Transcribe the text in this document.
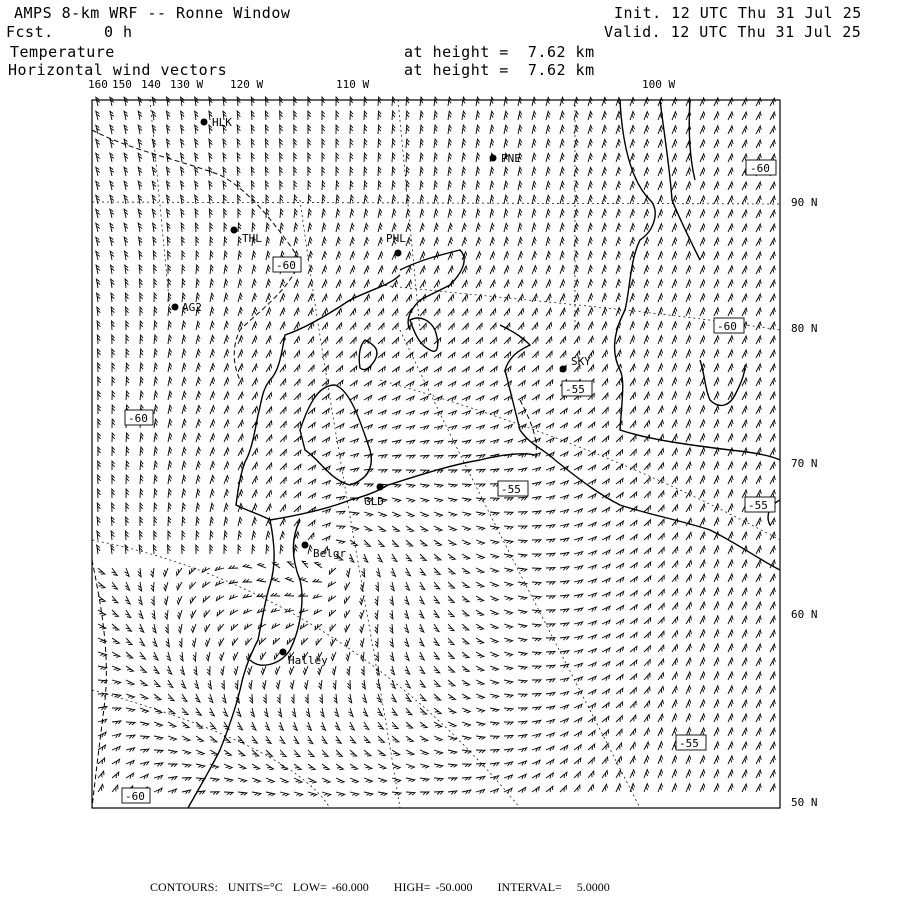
AMPS 8-km WRF -- Ronne Window
Fcst.	0 h
Init. 12 UTC Thu 31 Jul 25
Valid. 12 UTC Thu 31 Jul 25
Temperature
Horizontal wind vectors
at height =  7.62 km
at height =  7.62 km
160 150 140 130 W 120 W	110 W	100 W
90 N
80 N
70 N
60 N
50 N
HLK
PNE
THL	PHL
AG2
SKY
GLD
Belgr
Halley
-60
-60
-60
-60
-55
-55
-55
-60
-55
CONTOURS:  UNITS=°C  LOW= -60.000     HIGH= -50.000     INTERVAL=   5.0000
